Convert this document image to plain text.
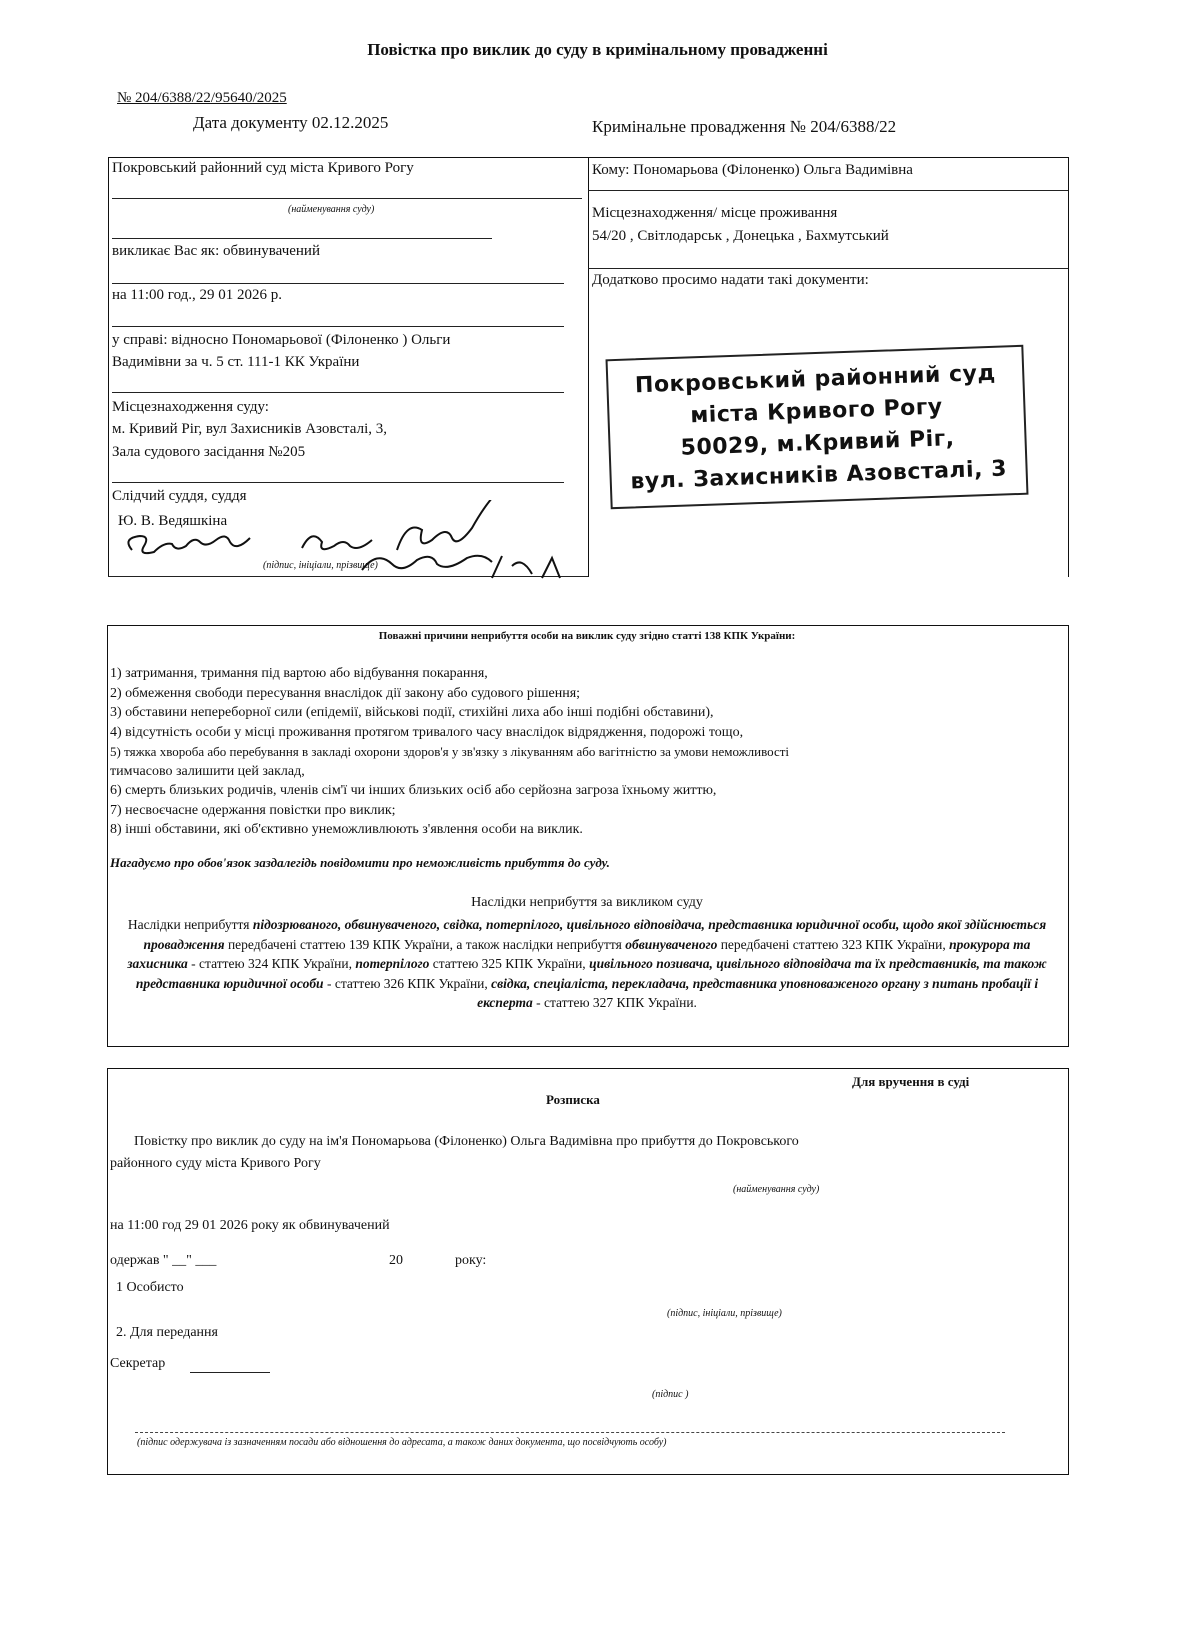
Повістка про виклик до суду в кримінальному провадженні
№ 204/6388/22/95640/2025
Дата документу 02.12.2025	Кримінальне провадження № 204/6388/22
Покровський районний суд міста Кривого Рогу
(найменування суду)
викликає Вас як: обвинувачений
на 11:00 год., 29 01 2026 р.
у справі: відносно Пономарьової (Філоненко ) Ольги
Вадимівни за ч. 5 ст. 111-1 КК України
Місцезнаходження суду:
м. Кривий Ріг, вул Захисників Азовсталі, 3,
Зала судового засідання №205
Слідчий суддя, суддя
Ю. В. Ведяшкіна
(підпис, ініціали, прізвище)
Кому: Пономарьова (Філоненко) Ольга Вадимівна
Місцезнаходження/ місце проживання
54/20 , Світлодарськ , Донецька , Бахмутський
Додатково просимо надати такі документи:
Покровський районний суд
міста Кривого Рогу
50029, м.Кривий Ріг,
вул. Захисників Азовсталі, 3
Поважні причини неприбуття особи на виклик суду згідно статті 138 КПК України:
1) затримання, тримання під вартою або відбування покарання,
2) обмеження свободи пересування внаслідок дії закону або судового рішення;
3) обставини непереборної сили (епідемії, військові події, стихійні лиха або інші подібні обставини),
4) відсутність особи у місці проживання протягом тривалого часу внаслідок відрядження, подорожі тощо,
5) тяжка хвороба або перебування в закладі охорони здоров'я у зв'язку з лікуванням або вагітністю за умови неможливості
тимчасово залишити цей заклад,
6) смерть близьких родичів, членів сім'ї чи інших близьких осіб або серйозна загроза їхньому життю,
7) несвоєчасне одержання повістки про виклик;
8) інші обставини, які об'єктивно унеможливлюють з'явлення особи на виклик.
Нагадуємо про обов'язок заздалегідь повідомити про неможливість прибуття до суду.
Наслідки неприбуття за викликом суду
Наслідки неприбуття підозрюваного, обвинуваченого, свідка, потерпілого, цивільного відповідача, представника юридичної особи, щодо якої здійснюється провадження передбачені статтею 139 КПК України, а також наслідки неприбуття обвинуваченого передбачені статтею 323 КПК України, прокурора та захисника - статтею 324 КПК України, потерпілого статтею 325 КПК України, цивільного позивача, цивільного відповідача та їх представників, та також представника юридичної особи - статтею 326 КПК України, свідка, спеціаліста, перекладача, представника уповноваженого органу з питань пробації і експерта - статтею 327 КПК України.
Для вручення в суді
Розписка
Повістку про виклик до суду на ім'я Пономарьова (Філоненко) Ольга Вадимівна про прибуття до Покровського
районного суду міста Кривого Рогу
(найменування суду)
на 11:00 год 29 01 2026 року як обвинувачений
одержав " __" ___	20	року:
1 Особисто
(підпис, ініціали, прізвище)
2. Для передання
Секретар
(підпис )
(підпис одержувача із зазначенням посади або відношення до адресата, а також даних документа, що посвідчують особу)
